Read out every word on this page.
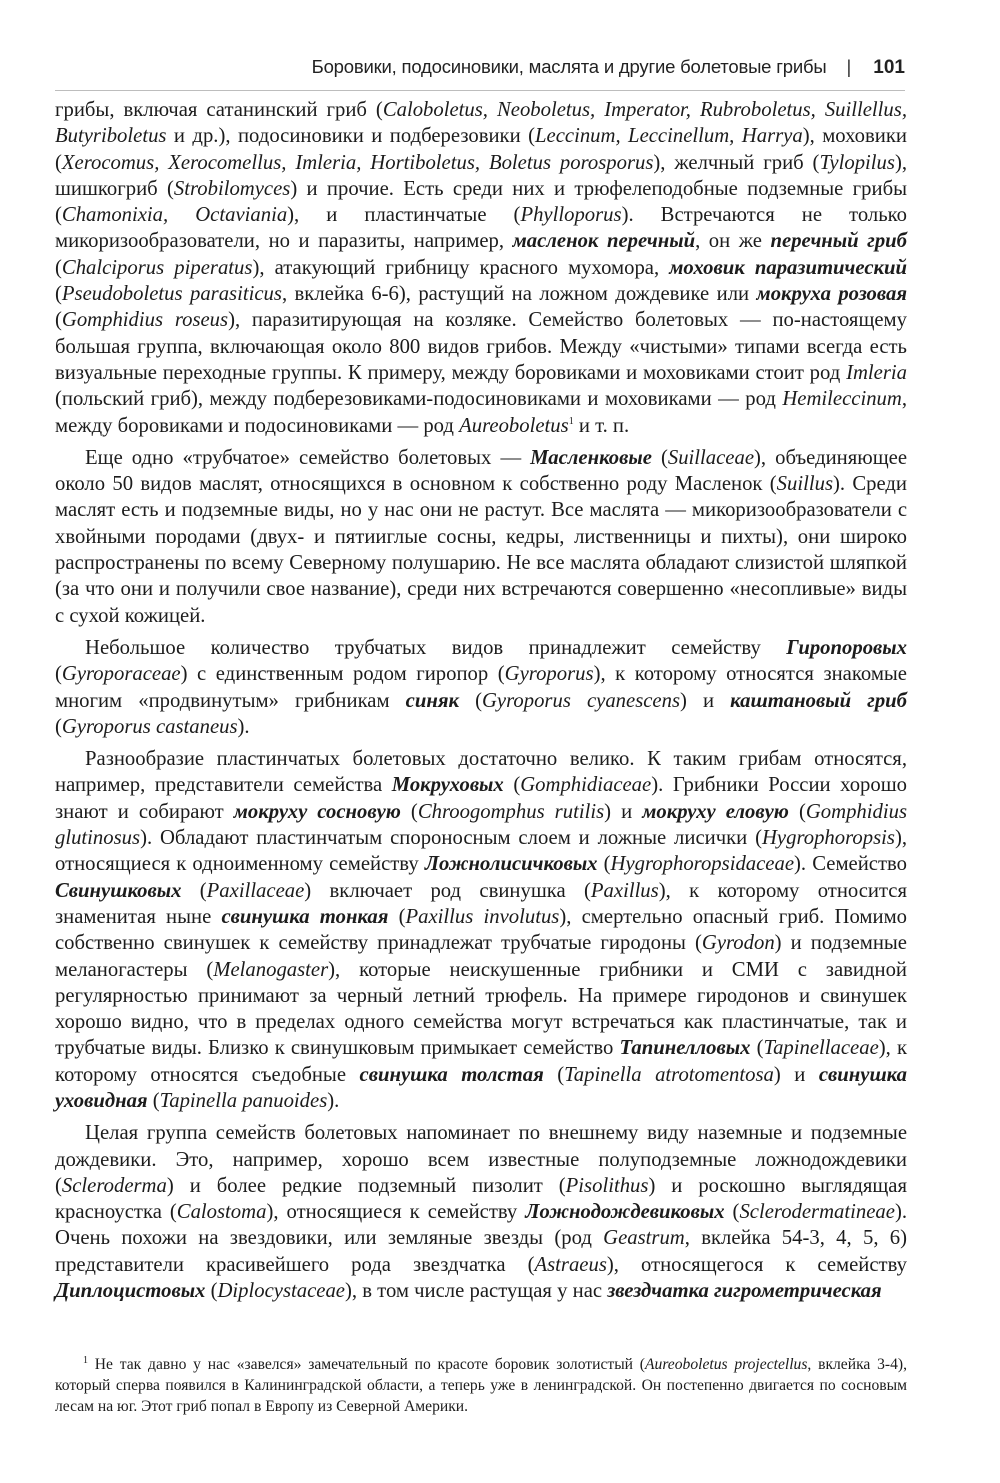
Боровики, подосиновики, маслята и другие болетовые грибы | 101

грибы, включая сатанинский гриб (Caloboletus, Neoboletus, Imperator, Rubroboletus, Suillellus, Butyriboletus и др.), подосиновики и подберезовики (Leccinum, Leccinellum, Harrya), моховики (Xerocomus, Xerocomellus, Imleria, Hortiboletus, Boletus porosporus), желчный гриб (Tylopilus), шишкогриб (Strobilomyces) и прочие. Есть среди них и трюфелеподобные подземные грибы (Chamonixia, Octaviania), и пластинчатые (Phylloporus). Встречаются не только микоризообразователи, но и паразиты, например, масленок перечный, он же перечный гриб (Chalciporus piperatus), атакующий грибницу красного мухомора, моховик паразитический (Pseudoboletus parasiticus, вклейка 6-6), растущий на ложном дождевике или мокруха розовая (Gomphidius roseus), паразитирующая на козляке. Семейство болетовых — по-настоящему большая группа, включающая около 800 видов грибов. Между «чистыми» типами всегда есть визуальные переходные группы. К примеру, между боровиками и моховиками стоит род Imleria (польский гриб), между подберезовиками-подосиновиками и моховиками — род Hemileccinum, между боровиками и подосиновиками — род Aureoboletus$^1$ и т. п.

Еще одно «трубчатое» семейство болетовых — Масленковые (Suillaceae), объединяющее около 50 видов маслят, относящихся в основном к собственно роду Масленок (Suillus). Среди маслят есть и подземные виды, но у нас они не растут. Все маслята — микоризообразователи с хвойными породами (двух- и пятииглые сосны, кедры, лиственницы и пихты), они широко распространены по всему Северному полушарию. Не все маслята обладают слизистой шляпкой (за что они и получили свое название), среди них встречаются совершенно «несопливые» виды с сухой кожицей.

Небольшое количество трубчатых видов принадлежит семейству Гиропоровых (Gyroporaceae) с единственным родом гиропор (Gyroporus), к которому относятся знакомые многим «продвинутым» грибникам синяк (Gyroporus cyanescens) и каштановый гриб (Gyroporus castaneus).

Разнообразие пластинчатых болетовых достаточно велико. К таким грибам относятся, например, представители семейства Мокруховых (Gomphidiaceae). Грибники России хорошо знают и собирают мокруху сосновую (Chroogomphus rutilis) и мокруху еловую (Gomphidius glutinosus). Обладают пластинчатым спороносным слоем и ложные лисички (Hygrophoropsis), относящиеся к одноименному семейству Ложнолисичковых (Hygrophoropsidaceae). Семейство Свинушковых (Paxillaceae) включает род свинушка (Paxillus), к которому относится знаменитая ныне свинушка тонкая (Paxillus involutus), смертельно опасный гриб. Помимо собственно свинушек к семейству принадлежат трубчатые гиродоны (Gyrodon) и подземные меланогастеры (Melanogaster), которые неискушенные грибники и СМИ с завидной регулярностью принимают за черный летний трюфель. На примере гиродонов и свинушек хорошо видно, что в пределах одного семейства могут встречаться как пластинчатые, так и трубчатые виды. Близко к свинушковым примыкает семейство Тапинелловых (Tapinellaceae), к которому относятся съедобные свинушка толстая (Tapinella atrotomentosa) и свинушка уховидная (Tapinella panuoides).

Целая группа семейств болетовых напоминает по внешнему виду наземные и подземные дождевики. Это, например, хорошо всем известные полуподземные ложнодождевики (Scleroderma) и более редкие подземный пизолит (Pisolithus) и роскошно выглядящая красноустка (Calostoma), относящиеся к семейству Ложнодождевиковых (Sclerodermatineae). Очень похожи на звездовики, или земляные звезды (род Geastrum, вклейка 54-3, 4, 5, 6) представители красивейшего рода звездчатка (Astraeus), относящегося к семейству Диплоцистовых (Diplocystaceae), в том числе растущая у нас звездчатка гигрометрическая

$^1$ Не так давно у нас «завелся» замечательный по красоте боровик золотистый (Aureoboletus projectellus, вклейка 3-4), который сперва появился в Калининградской области, а теперь уже в ленинградской. Он постепенно двигается по сосновым лесам на юг. Этот гриб попал в Европу из Северной Америки.
